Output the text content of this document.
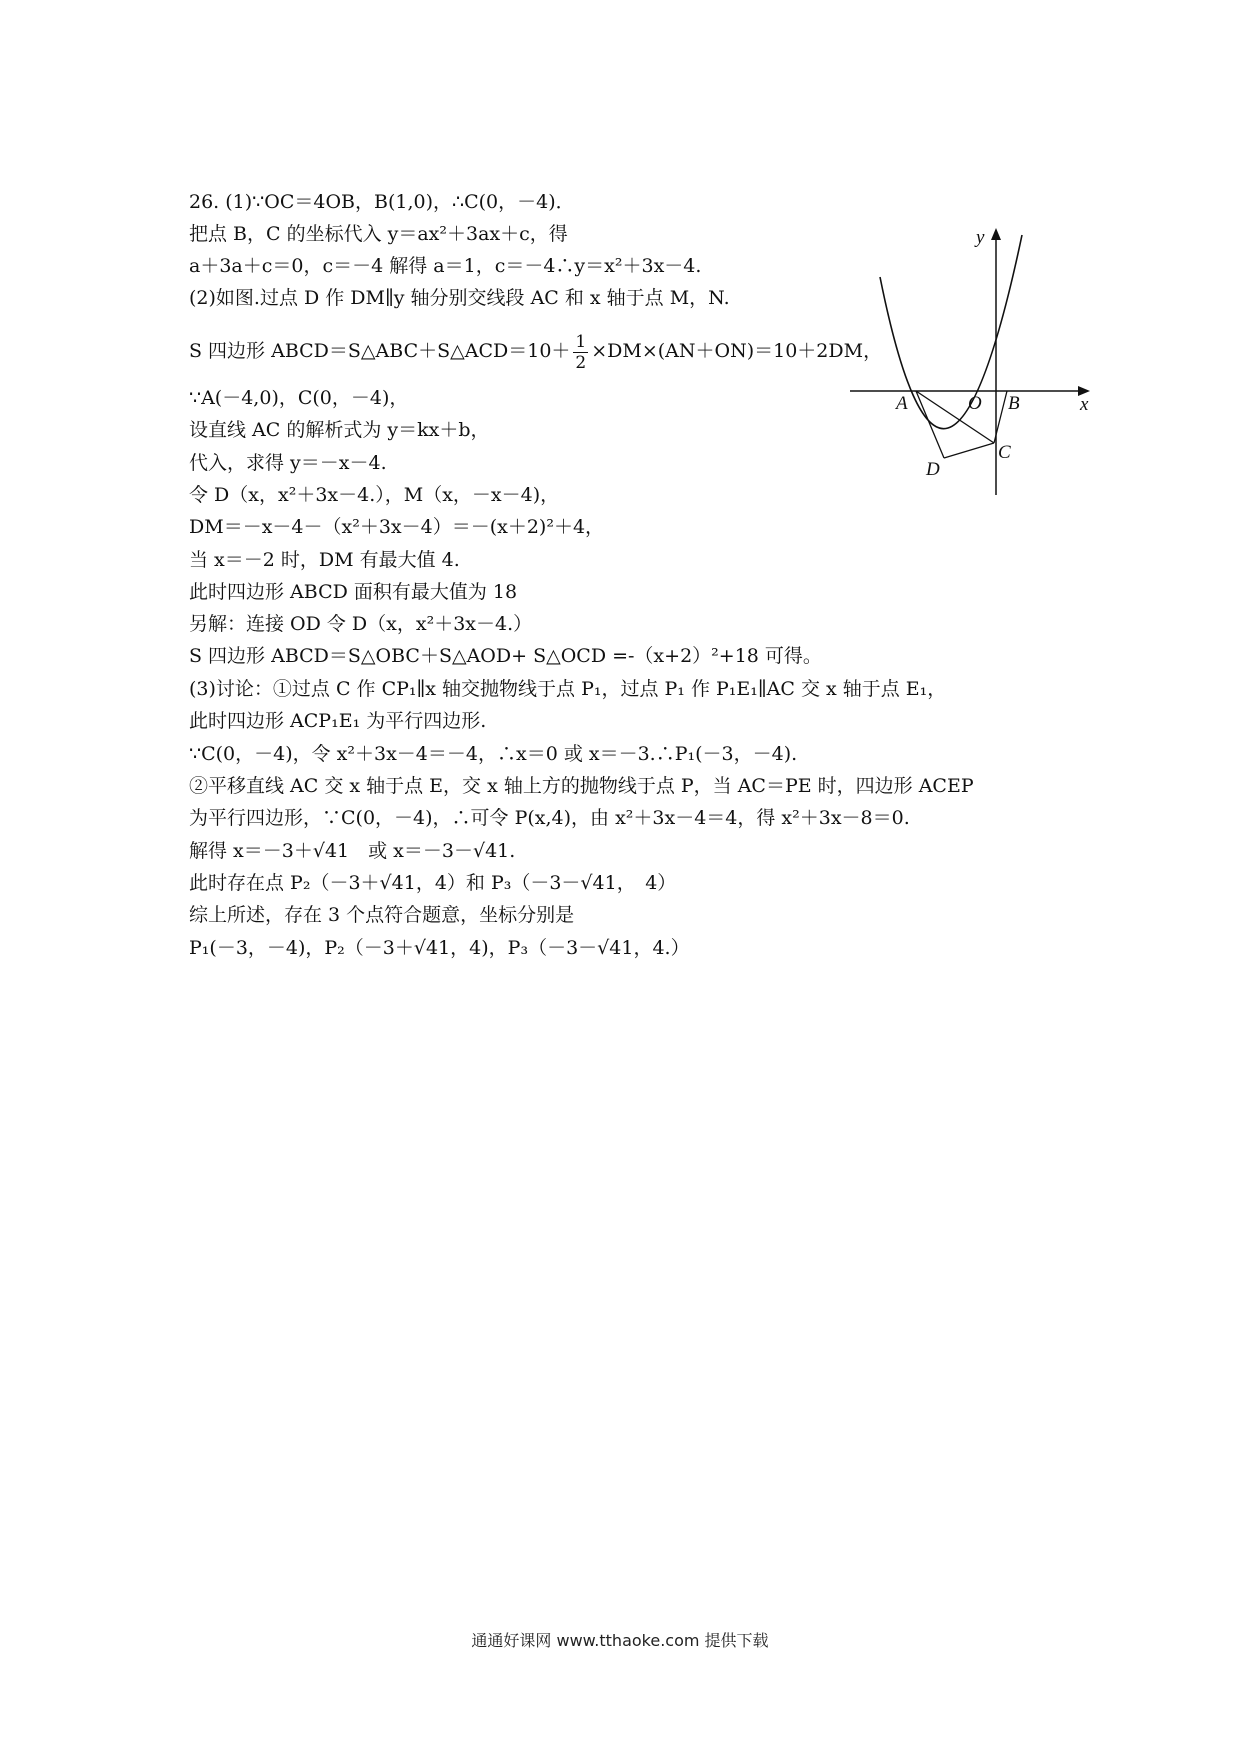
26. (1)∵OC＝4OB，B(1,0)，∴C(0，－4)．
把点 B，C 的坐标代入 y＝ax²＋3ax＋c，得
a＋3a＋c＝0，c＝－4 解得 a＝1，c＝－4∴y＝x²＋3x－4.
(2)如图.过点 D 作 DM∥y 轴分别交线段 AC 和 x 轴于点 M，N.
S 四边形 ABCD＝S△ABC＋S△ACD＝10＋ $\frac{1}{2} \times DM\times(AN+ON)=10+2DM$，
∵A(－4,0)，C(0，－4)，
设直线 AC 的解析式为 y＝kx＋b，
代入，求得 y＝－x－4.
令 D（x，x²＋3x－4.），M（x，－x－4)，
DM＝－x－4－（x²＋3x－4）＝－(x＋2)²＋4，
当 x＝－2 时，DM 有最大值 4.
此时四边形 ABCD 面积有最大值为 18
另解：连接 OD 令 D（x，x²＋3x－4.）
S 四边形 ABCD＝S△OBC＋S△AOD+ S△OCD =-（x+2）²+18 可得。
(3)讨论：①过点 C 作 CP₁∥x 轴交抛物线于点 P₁，过点 P₁ 作 P₁E₁∥AC 交 x 轴于点 E₁，
此时四边形 ACP₁E₁ 为平行四边形.
∵C(0，－4)，令 x²＋3x－4＝－4，∴x＝0 或 x＝－3.∴P₁(－3，－4).
②平移直线 AC 交 x 轴于点 E，交 x 轴上方的抛物线于点 P，当 AC＝PE 时，四边形 ACEP
为平行四边形，∵C(0，－4)，∴可令 P(x,4)，由 x²＋3x－4＝4，得 x²＋3x－8＝0.
解得 x＝－3＋√41　或 x＝－3－√41.
此时存在点 P₂（－3＋√41，4）和 P₃（－3－√41，　4）
综上所述，存在 3 个点符合题意，坐标分别是
P₁(－3，－4)，P₂（－3＋√41，4)，P₃（－3－√41，4.）
y
x
A	O B
C
D
通通好课网 www.tthaoke.com 提供下载
